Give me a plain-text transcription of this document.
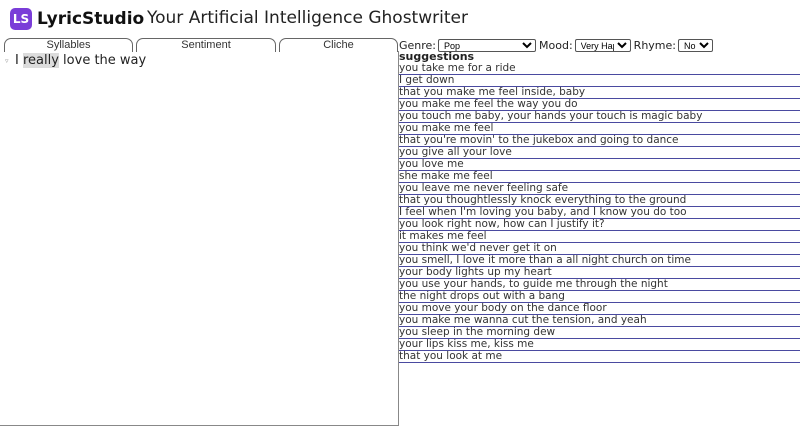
LS LyricStudio Your Artificial Intelligence Ghostwriter
Syllables	Sentiment	Cliche
▿ I really love the way
Genre:
Pop	Mood:
Very Happy	Rhyme:
None
suggestions
you take me for a ride
I get down
that you make me feel inside, baby
you make me feel the way you do
you touch me baby, your hands your touch is magic baby
you make me feel
that you're movin' to the jukebox and going to dance
you give all your love
you love me
she make me feel
you leave me never feeling safe
that you thoughtlessly knock everything to the ground
I feel when I'm loving you baby, and I know you do too
you look right now, how can I justify it?
it makes me feel
you think we'd never get it on
you smell, I love it more than a all night church on time
your body lights up my heart
you use your hands, to guide me through the night
the night drops out with a bang
you move your body on the dance floor
you make me wanna cut the tension, and yeah
you sleep in the morning dew
your lips kiss me, kiss me
that you look at me
